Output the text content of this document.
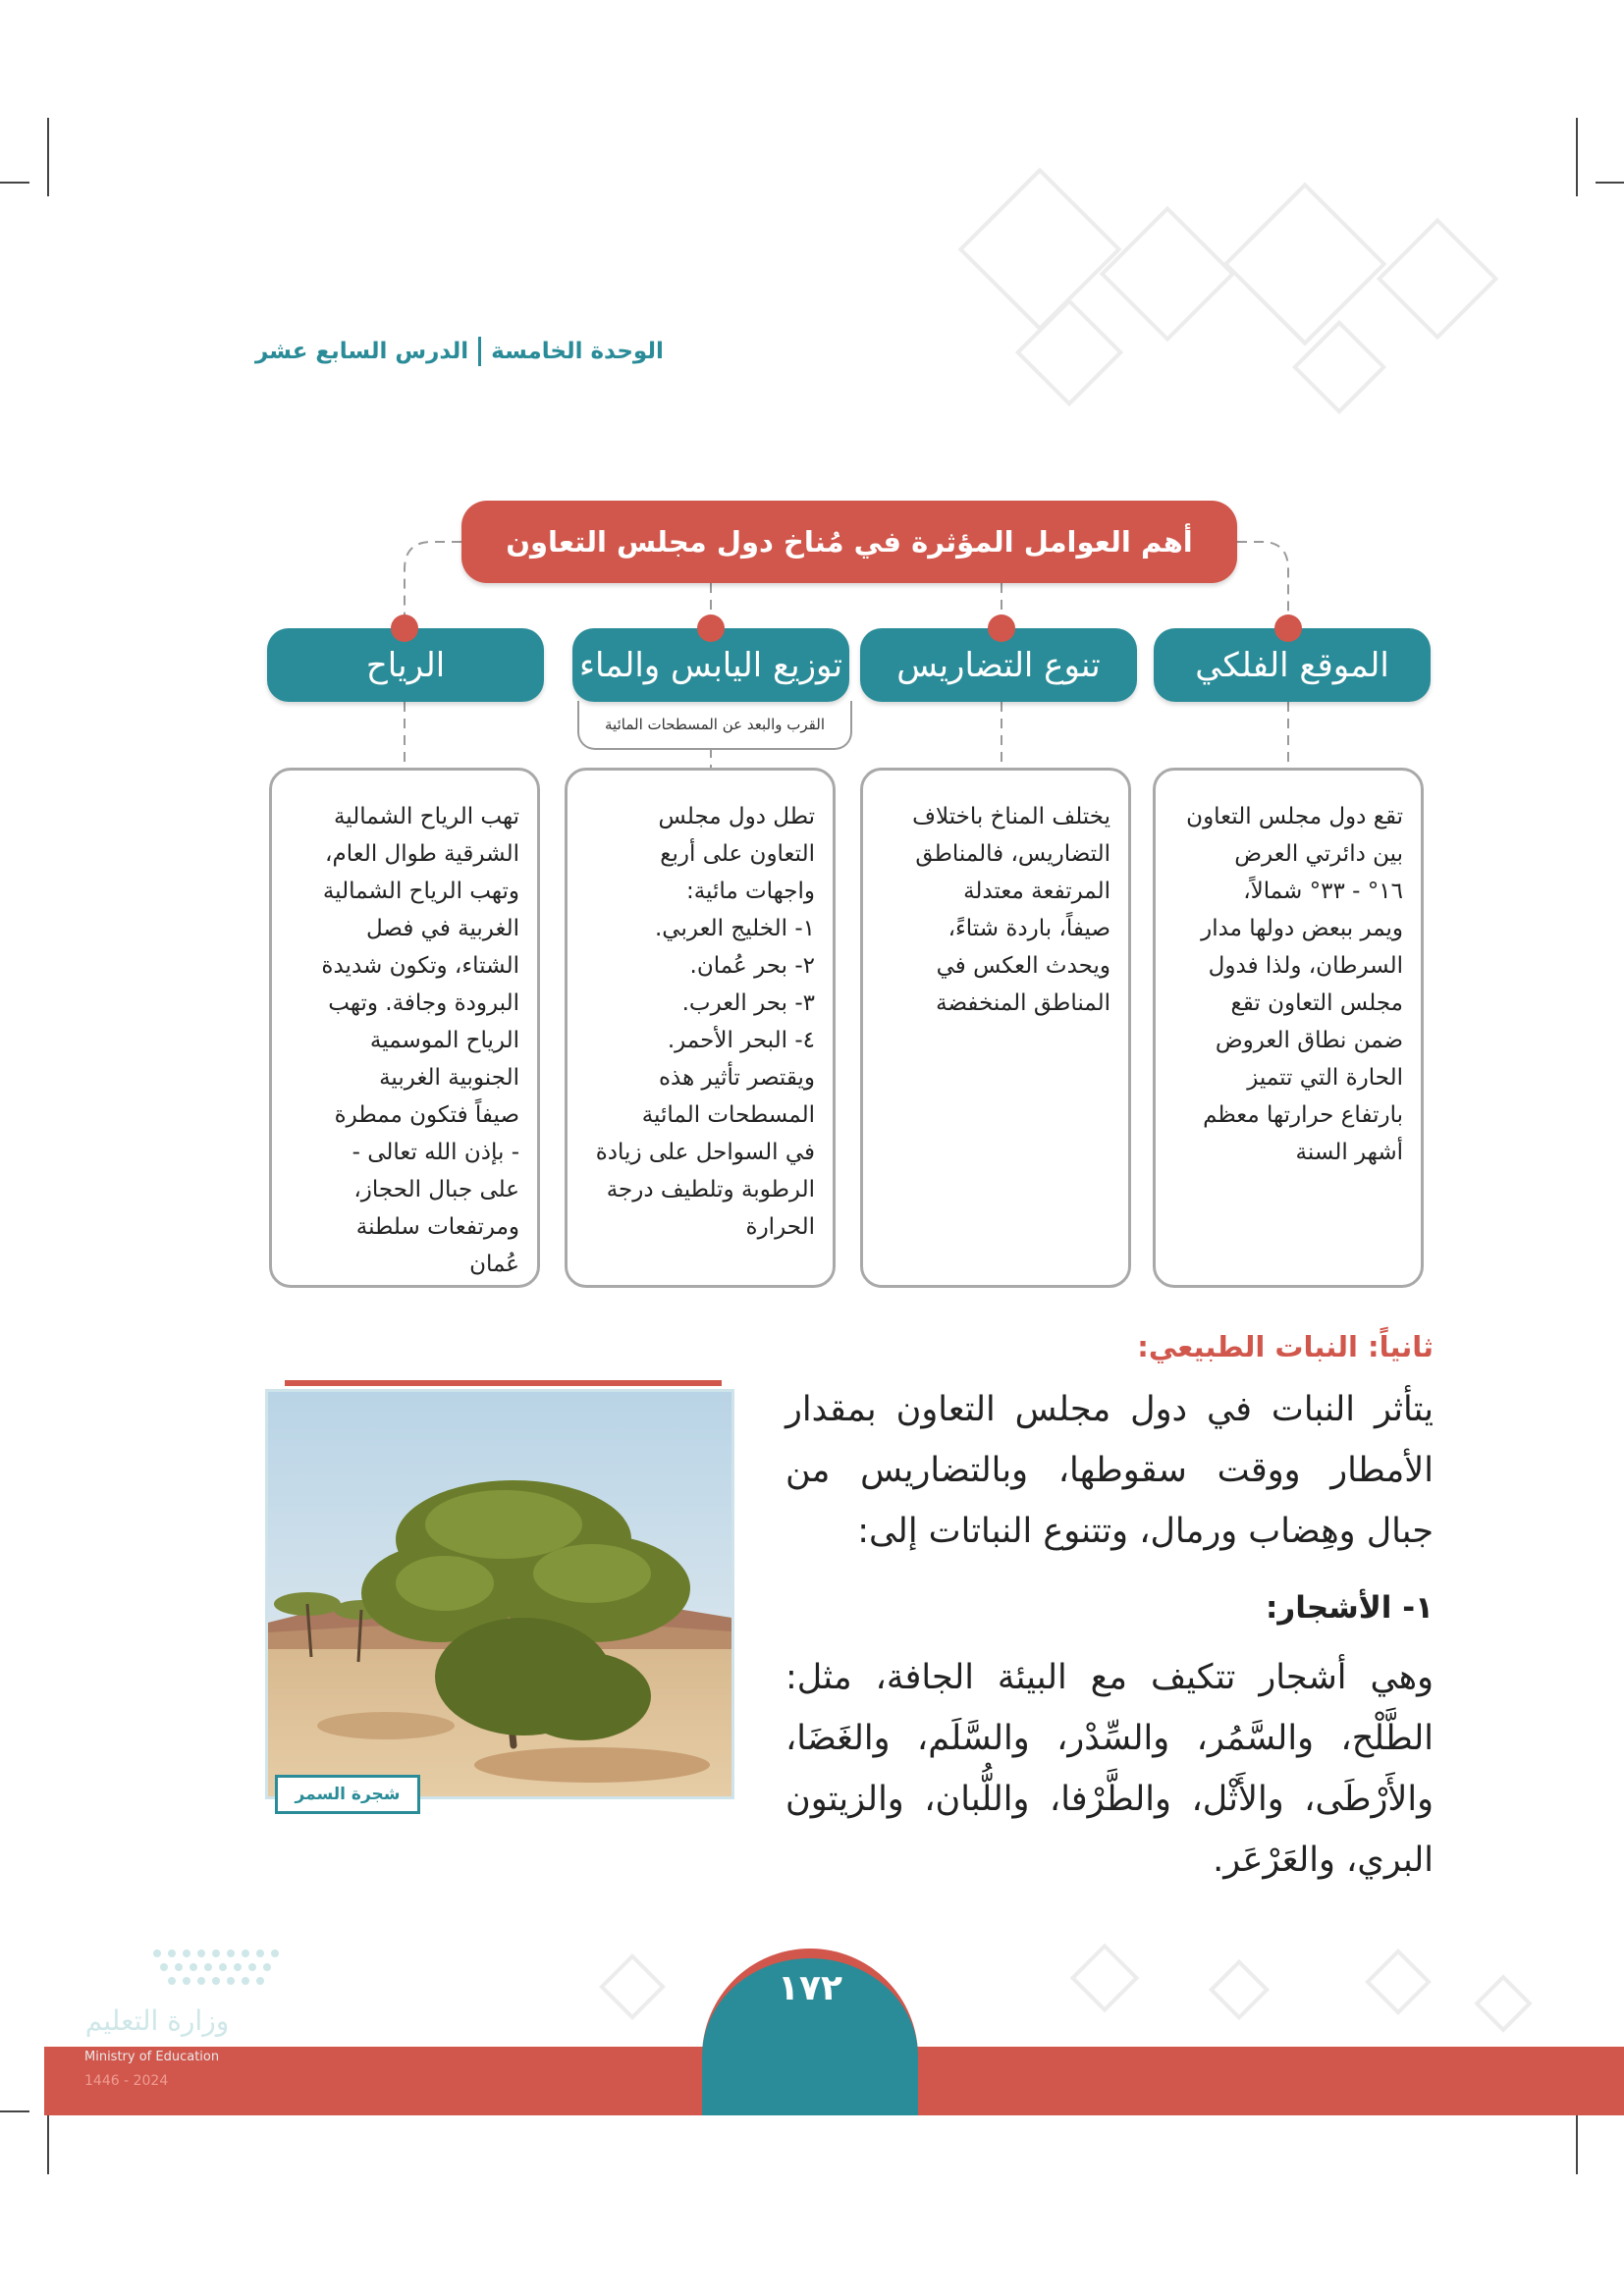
الوحدة الخامسة
الدرس السابع عشر
أهم العوامل المؤثرة في مُناخ دول مجلس التعاون
الموقع الفلكي
تنوع التضاريس
توزيع اليابس والماء
الرياح
القرب والبعد عن المسطحات المائية
تقع دول مجلس التعاون
بين دائرتي العرض
١٦° - ٣٣° شمالاً،
ويمر ببعض دولها مدار
السرطان، ولذا فدول
مجلس التعاون تقع
ضمن نطاق العروض
الحارة التي تتميز
بارتفاع حرارتها معظم
أشهر السنة
يختلف المناخ باختلاف
التضاريس، فالمناطق
المرتفعة معتدلة
صيفاً، باردة شتاءً،
ويحدث العكس في
المناطق المنخفضة
تطل دول مجلس
التعاون على أربع
واجهات مائية:
١- الخليج العربي.
٢- بحر عُمان.
٣- بحر العرب.
٤- البحر الأحمر.
ويقتصر تأثير هذه
المسطحات المائية
في السواحل على زيادة
الرطوبة وتلطيف درجة
الحرارة
تهب الرياح الشمالية
الشرقية طوال العام،
وتهب الرياح الشمالية
الغربية في فصل
الشتاء، وتكون شديدة
البرودة وجافة. وتهب
الرياح الموسمية
الجنوبية الغربية
صيفاً فتكون ممطرة
- بإذن الله تعالى -
على جبال الحجاز،
ومرتفعات سلطنة
عُمان
ثانياً: النبات الطبيعي:
يتأثر النبات في دول مجلس التعاون بمقدار الأمطار ووقت سقوطها، وبالتضاريس من جبال وهِضاب ورمال، وتتنوع النباتات إلى:
١- الأشجار:
وهي أشجار تتكيف مع البيئة الجافة، مثل: الطَّلْح، والسَّمُر، والسِّدْر، والسَّلَم، والغَضَا، والأَرْطَى، والأَثْل، والطَّرْفا، واللُّبان، والزيتون البري، والعَرْعَر.
شجرة السمر
١٧٢
وزارة التعليم
Ministry of Education
2024 - 1446
